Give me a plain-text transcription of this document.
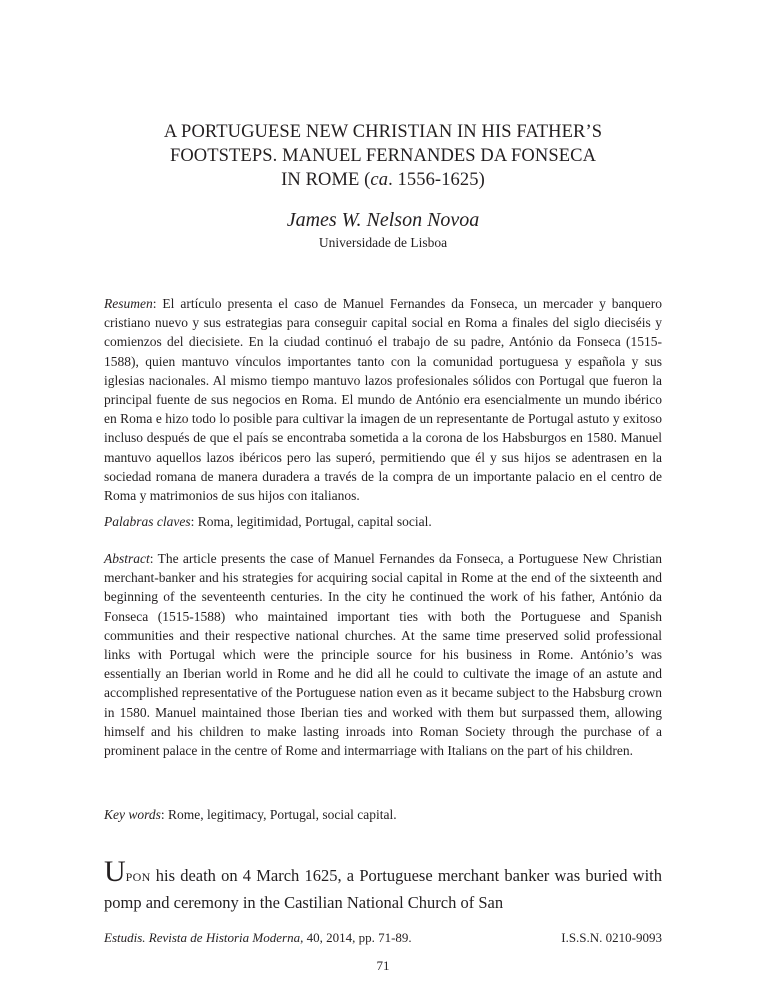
A PORTUGUESE NEW CHRISTIAN IN HIS FATHER’S
FOOTSTEPS. MANUEL FERNANDES DA FONSECA
IN ROME (ca. 1556-1625)
James W. Nelson Novoa
Universidade de Lisboa
Resumen: El artículo presenta el caso de Manuel Fernandes da Fonseca, un mercader y banquero cristiano nuevo y sus estrategias para conseguir capital social en Roma a finales del siglo dieciséis y comienzos del diecisiete. En la ciudad continuó el trabajo de su padre, António da Fonseca (1515-1588), quien mantuvo vínculos importantes tanto con la comunidad portuguesa y española y sus iglesias nacionales. Al mismo tiempo mantuvo lazos profesionales sólidos con Portugal que fueron la principal fuente de sus negocios en Roma. El mundo de António era esencialmente un mundo ibérico en Roma e hizo todo lo posible para cultivar la imagen de un representante de Portugal astuto y exitoso incluso después de que el país se encontraba sometida a la corona de los Habsburgos en 1580. Manuel mantuvo aquellos lazos ibéricos pero las superó, permitiendo que él y sus hijos se adentrasen en la sociedad romana de manera duradera a través de la compra de un importante palacio en el centro de Roma y matrimonios de sus hijos con italianos.
Palabras claves: Roma, legitimidad, Portugal, capital social.
Abstract: The article presents the case of Manuel Fernandes da Fonseca, a Portuguese New Christian merchant-banker and his strategies for acquiring social capital in Rome at the end of the sixteenth and beginning of the seventeenth centuries. In the city he continued the work of his father, António da Fonseca (1515-1588) who maintained important ties with both the Portuguese and Spanish communities and their respective national churches. At the same time preserved solid professional links with Portugal which were the principle source for his business in Rome. António’s was essentially an Iberian world in Rome and he did all he could to cultivate the image of an astute and accomplished representative of the Portuguese nation even as it became subject to the Habsburg crown in 1580. Manuel maintained those Iberian ties and worked with them but surpassed them, allowing himself and his children to make lasting inroads into Roman Society through the purchase of a prominent palace in the centre of Rome and intermarriage with Italians on the part of his children.
Key words: Rome, legitimacy, Portugal, social capital.
UPON his death on 4 March 1625, a Portuguese merchant banker was buried with pomp and ceremony in the Castilian National Church of San
Estudis. Revista de Historia Moderna, 40, 2014, pp. 71-89.	I.S.S.N. 0210-9093
71
